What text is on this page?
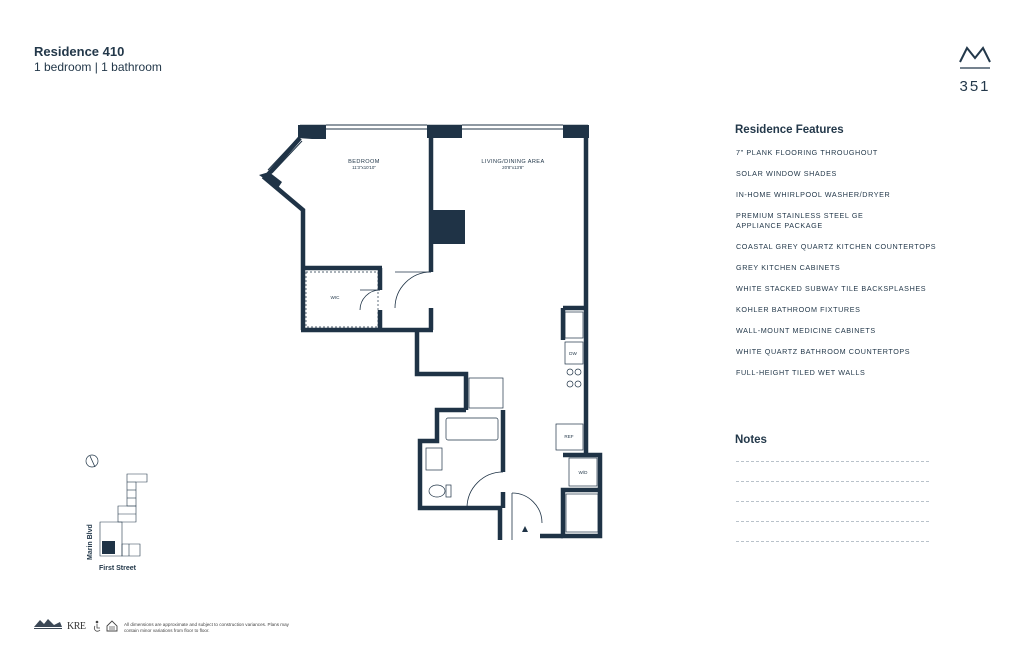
Residence 410
1 bedroom | 1 bathroom
351
Residence Features
7" PLANK FLOORING THROUGHOUT
SOLAR WINDOW SHADES
IN-HOME WHIRLPOOL WASHER/DRYER
PREMIUM STAINLESS STEEL GE
APPLIANCE PACKAGE
COASTAL GREY QUARTZ KITCHEN COUNTERTOPS
GREY KITCHEN CABINETS
WHITE STACKED SUBWAY TILE BACKSPLASHES
KOHLER BATHROOM FIXTURES
WALL-MOUNT MEDICINE CABINETS
WHITE QUARTZ BATHROOM COUNTERTOPS
FULL-HEIGHT TILED WET WALLS
Notes
BEDROOM
11'3"x10'10"
LIVING/DINING AREA
20'8"x13'8"
WIC
DW
REF
W/D
Marin Blvd
First Street
KRE	All dimensions are approximate and subject to construction variances. Plans may contain minor variations from floor to floor.
